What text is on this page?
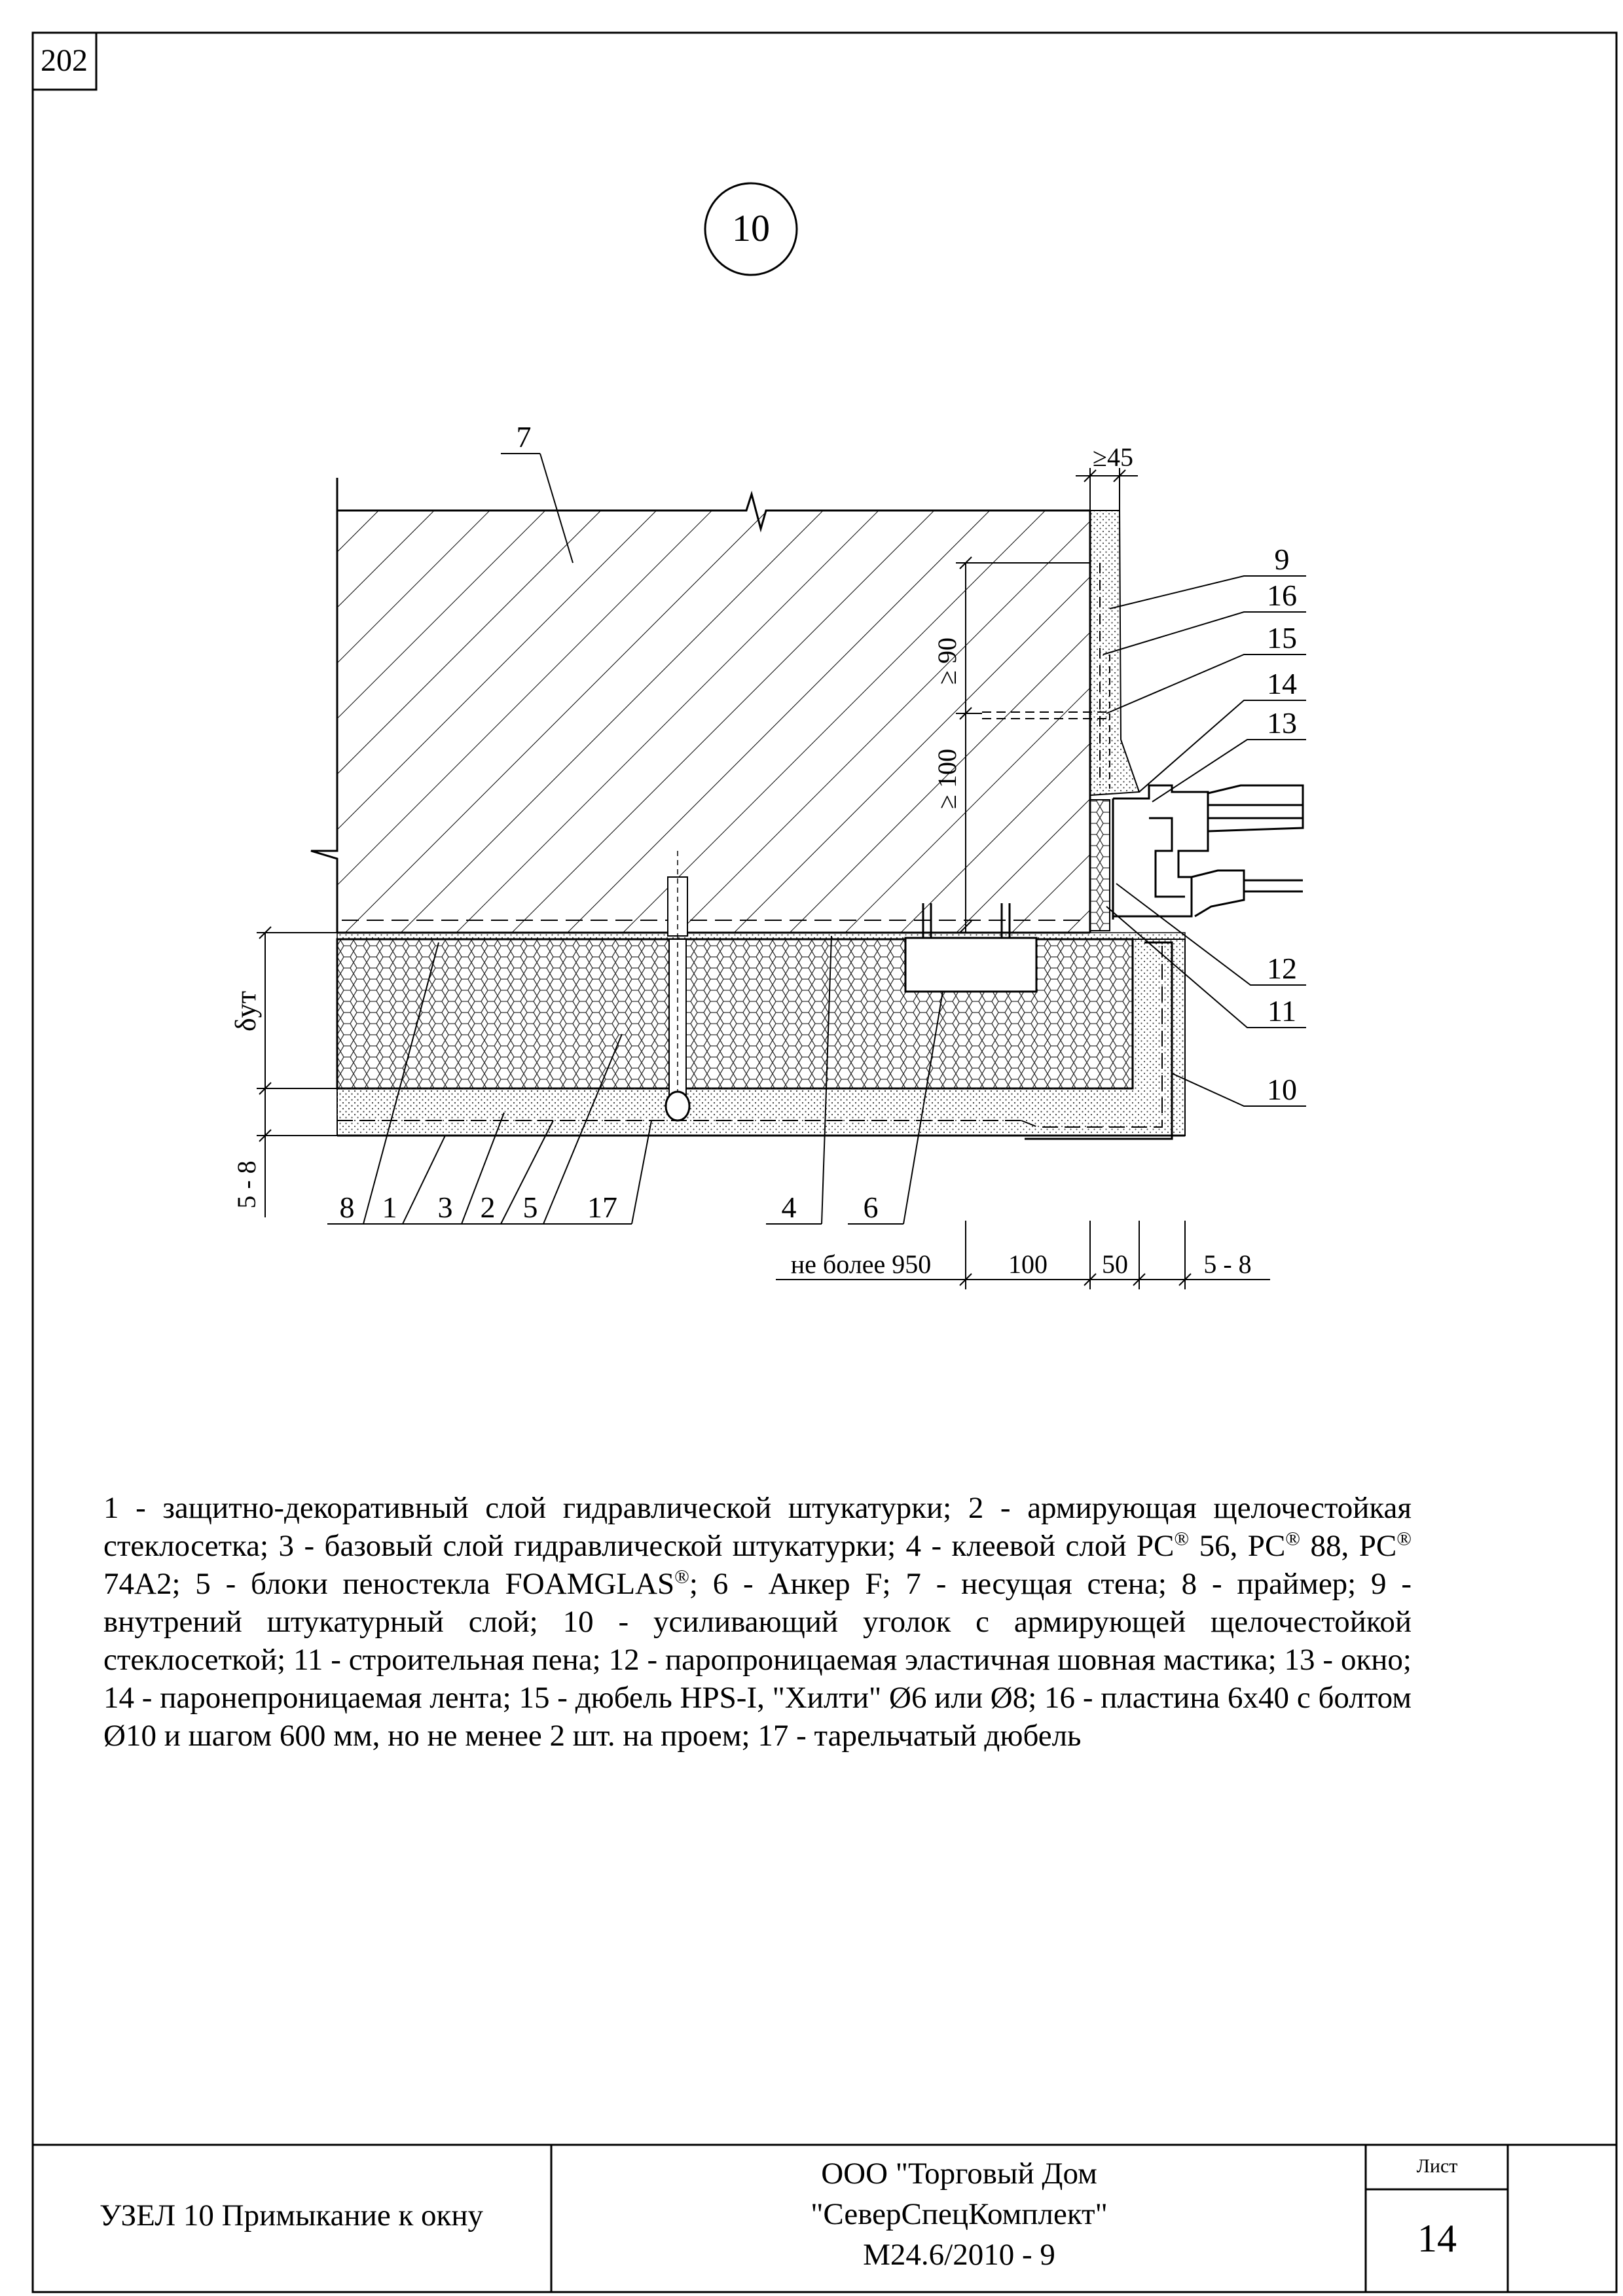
202
10
≥45
≥ 90
≥ 100
δут
5 - 8
7
9
16
15
14
13
12
11
10
8 1 3 2 5 17	4 6
не более 950	100 50	5 - 8
1 - защитно-декоративный слой гидравлической штукатурки; 2 - армирующая щелочестойкая стеклосетка; 3 - базовый слой гидравлической штукатурки; 4 - клеевой слой PC® 56, PC® 88, PC® 74A2; 5 - блоки пеностекла FOAMGLAS®; 6 - Анкер F; 7 - несущая стена; 8 - праймер; 9 - внутрений штукатурный слой; 10 - усиливающий уголок с армирующей щелочестойкой стеклосеткой; 11 - строительная пена; 12 - паропроницаемая эластичная шовная мастика; 13 - окно; 14 - паронепроницаемая лента; 15 - дюбель HPS-I, "Хилти" Ø6 или Ø8; 16 - пластина 6х40 с болтом Ø10 и шагом 600 мм, но не менее 2 шт. на проем; 17 - тарельчатый дюбель
УЗЕЛ 10 Примыкание к окну
ООО "Торговый Дом
"СеверСпецКомплект"
M24.6/2010 - 9
Лист
14
